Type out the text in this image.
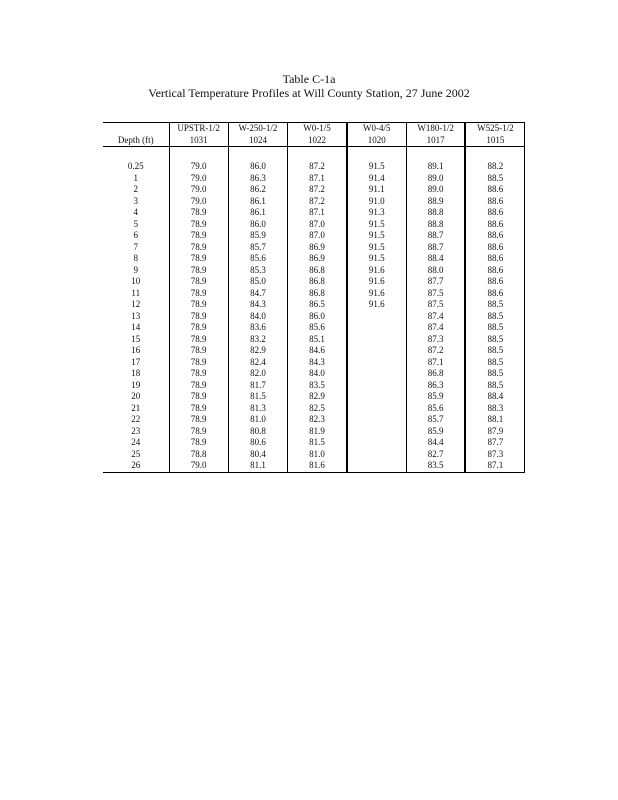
Table C-1a
Vertical Temperature Profiles at Will County Station, 27 June 2002
Depth (ft)	UPSTR-1/2	W-250-1/2	W0-1/5	W0-4/5	W180-1/2	W525-1/2
	1031	1024	1022	1020	1017	1015

0.25	79.0	86.0	87.2	91.5	89.1	88.2
1	79.0	86.3	87.1	91.4	89.0	88.5
2	79.0	86.2	87.2	91.1	89.0	88.6
3	79.0	86.1	87.2	91.0	88.9	88.6
4	78.9	86.1	87.1	91.3	88.8	88.6
5	78.9	86.0	87.0	91.5	88.8	88.6
6	78.9	85.9	87.0	91.5	88.7	88.6
7	78.9	85.7	86.9	91.5	88.7	88.6
8	78.9	85.6	86.9	91.5	88.4	88.6
9	78.9	85.3	86.8	91.6	88.0	88.6
10	78.9	85.0	86.8	91.6	87.7	88.6
11	78.9	84.7	86.8	91.6	87.5	88.6
12	78.9	84.3	86.5	91.6	87.5	88.5
13	78.9	84.0	86.0		87.4	88.5
14	78.9	83.6	85.6		87.4	88.5
15	78.9	83.2	85.1		87.3	88.5
16	78.9	82.9	84.6		87.2	88.5
17	78.9	82.4	84.3		87.1	88.5
18	78.9	82.0	84.0		86.8	88.5
19	78.9	81.7	83.5		86.3	88.5
20	78.9	81.5	82.9		85.9	88.4
21	78.9	81.3	82.5		85.6	88.3
22	78.9	81.0	82.3		85.7	88.1
23	78.9	80.8	81.9		85.9	87.9
24	78.9	80.6	81.5		84.4	87.7
25	78.8	80.4	81.0		82.7	87.3
26	79.0	81.1	81.6		83.5	87.1
